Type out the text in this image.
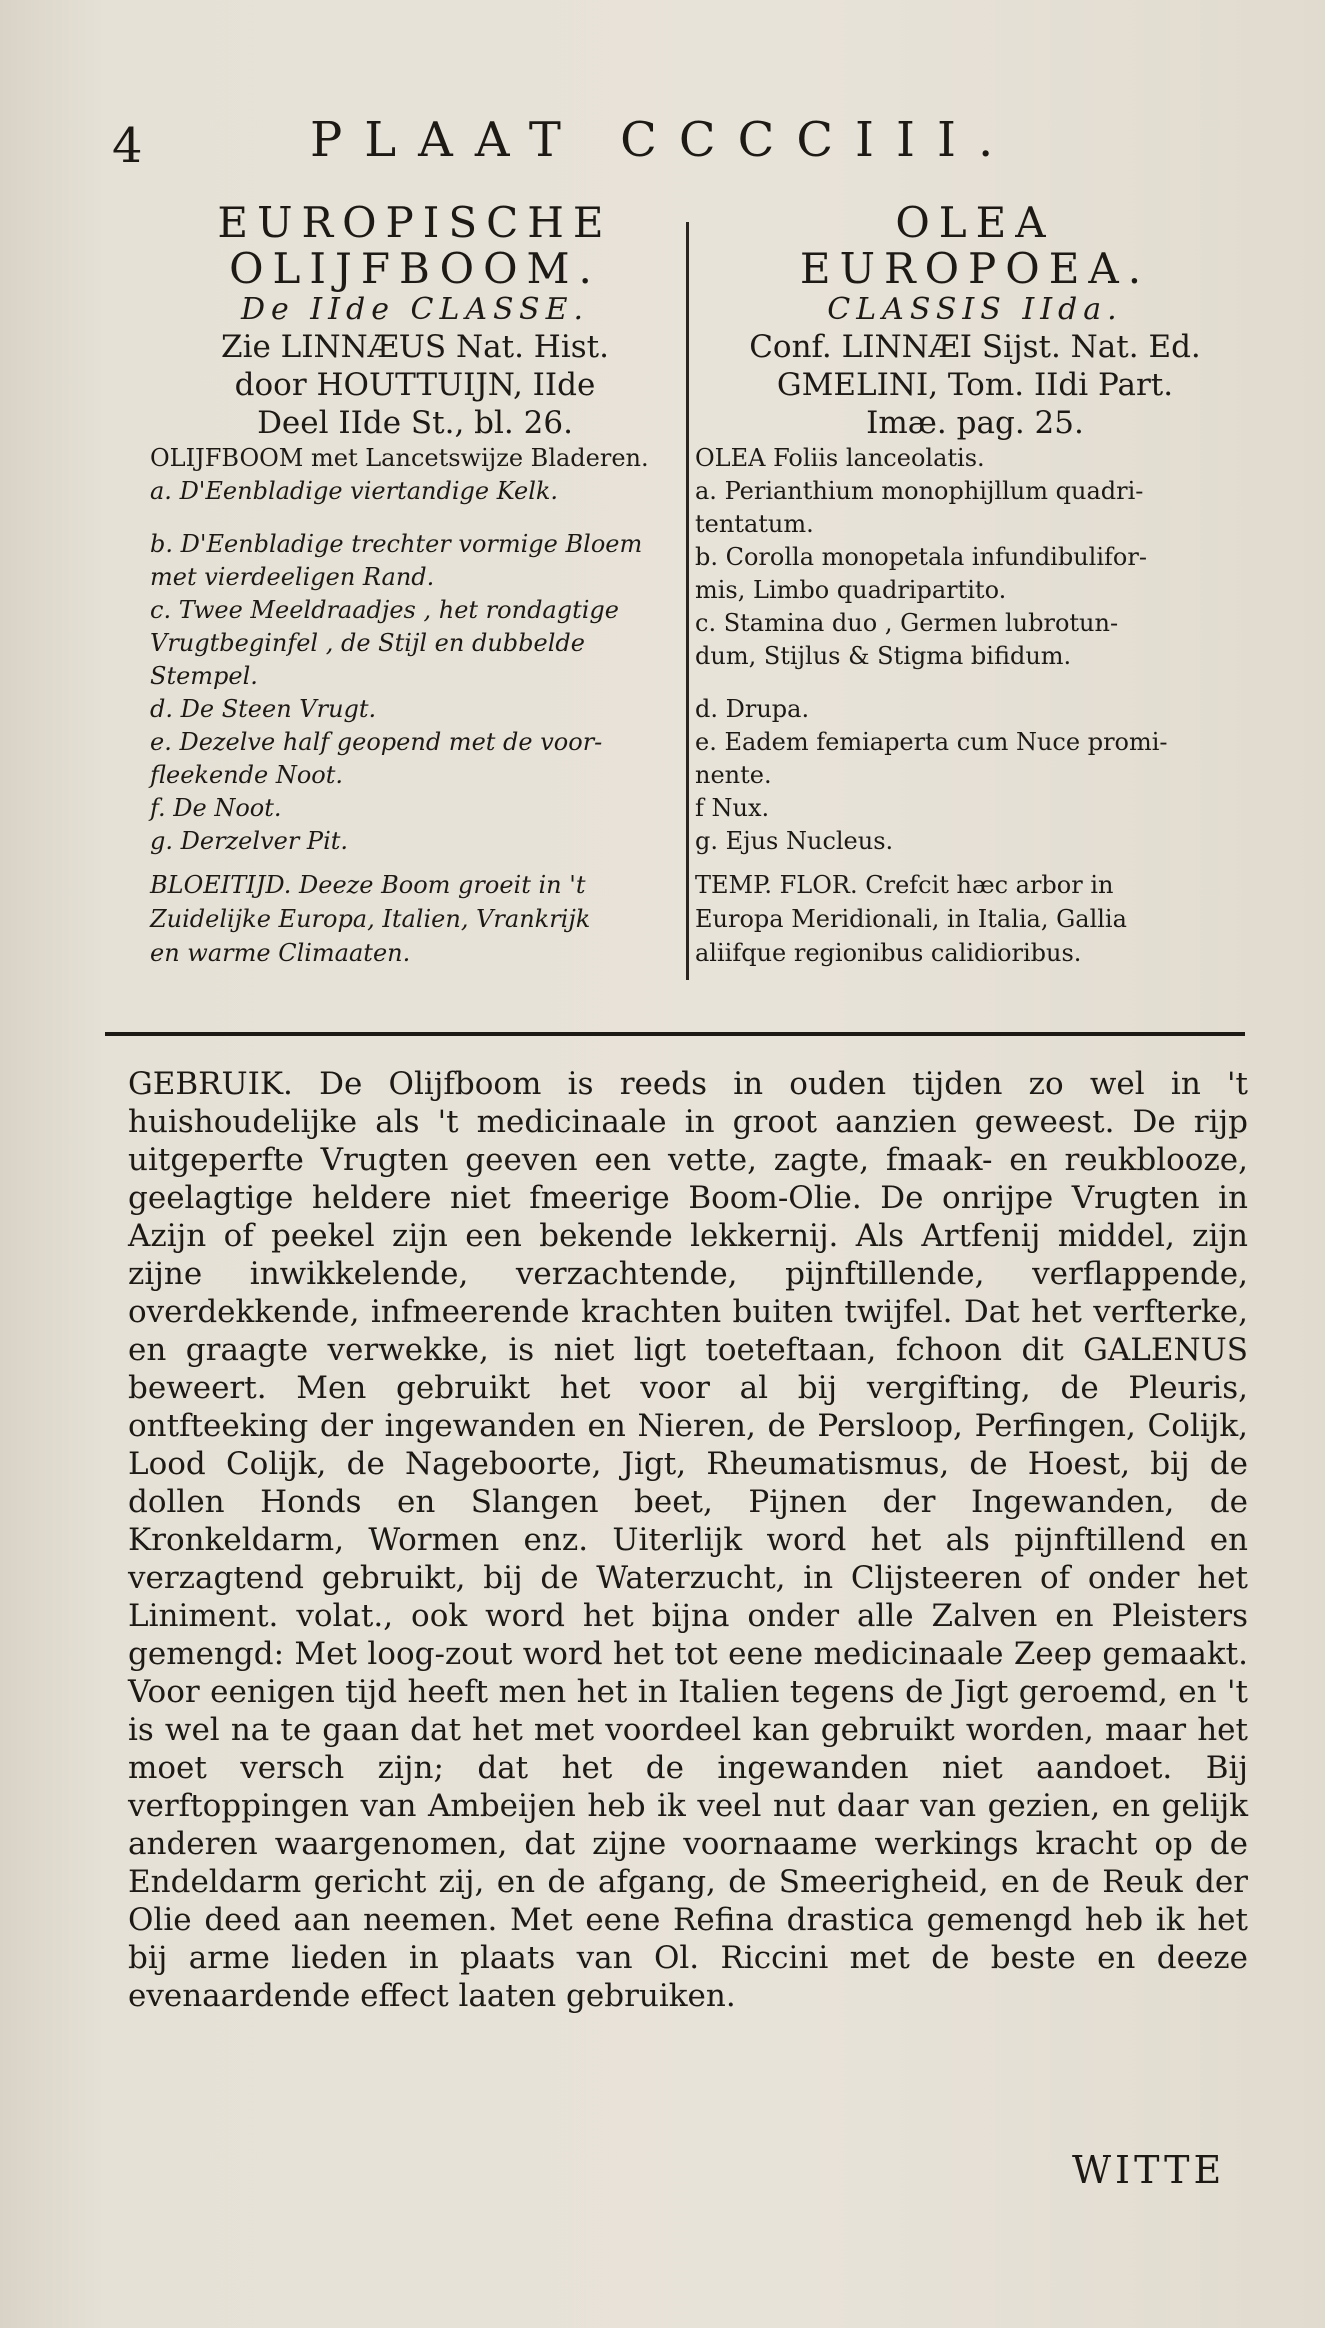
4	PLAAT CCCCIII.

EUROPISCHE

OLIJFBOOM.

De IIde CLASSE.

Zie LINNÆUS Nat. Hist.

door HOUTTUIJN, IIde

Deel IIde St., bl. 26.

OLIJFBOOM met Lancetswijze Bladeren.
a. D'Eenbladige viertandige Kelk.
b. D'Eenbladige trechter vormige Bloem
met vierdeeligen Rand.
c. Twee Meeldraadjes , het rondagtige
Vrugtbeginfel , de Stijl en dubbelde
Stempel.
d. De Steen Vrugt.
e. Dezelve half geopend met de voor-
fleekende Noot.
f. De Noot.
g. Derzelver Pit.
BLOEITIJD. Deeze Boom groeit in 't
Zuidelijke Europa, Italien, Vrankrijk
en warme Climaaten.

OLEA

EUROPOEA.

CLASSIS IIda.

Conf. LINNÆI Sijst. Nat. Ed.

GMELINI, Tom. IIdi Part.

Imæ. pag. 25.

OLEA Foliis lanceolatis.
a. Perianthium monophijllum quadri-
tentatum.
b. Corolla monopetala infundibulifor-
mis, Limbo quadripartito.
c. Stamina duo , Germen lubrotun-
dum, Stijlus & Stigma bifidum.
d. Drupa.
e. Eadem femiaperta cum Nuce promi-
nente.
f Nux.
g. Ejus Nucleus.
TEMP. FLOR. Crefcit hæc arbor in
Europa Meridionali, in Italia, Gallia
aliifque regionibus calidioribus.

GEBRUIK. De Olijfboom is reeds in ouden tijden zo wel in 't huishoudelijke als 't medicinaale in groot aanzien geweest. De rijp uitgeperfte Vrugten geeven een vette, zagte, fmaak- en reukblooze, geelagtige heldere niet fmeerige Boom-Olie. De onrijpe Vrugten in Azijn of peekel zijn een bekende lekkernij. Als Artfenij middel, zijn zijne inwikkelende, verzachtende, pijnftillende, verflappende, overdekkende, infmeerende krachten buiten twijfel. Dat het verfterke, en graagte verwekke, is niet ligt toeteftaan, fchoon dit GALENUS beweert. Men gebruikt het voor al bij vergifting, de Pleuris, ontfteeking der ingewanden en Nieren, de Persloop, Perfingen, Colijk, Lood Colijk, de Nageboorte, Jigt, Rheumatismus, de Hoest, bij de dollen Honds en Slangen beet, Pijnen der Ingewanden, de Kronkeldarm, Wormen enz. Uiterlijk word het als pijnftillend en verzagtend gebruikt, bij de Waterzucht, in Clijsteeren of onder het Liniment. volat., ook word het bijna onder alle Zalven en Pleisters gemengd: Met loog-zout word het tot eene medicinaale Zeep gemaakt. Voor eenigen tijd heeft men het in Italien tegens de Jigt geroemd, en 't is wel na te gaan dat het met voordeel kan gebruikt worden, maar het moet versch zijn; dat het de ingewanden niet aandoet. Bij verftoppingen van Ambeijen heb ik veel nut daar van gezien, en gelijk anderen waargenomen, dat zijne voornaame werkings kracht op de Endeldarm gericht zij, en de afgang, de Smeerigheid, en de Reuk der Olie deed aan neemen. Met eene Refina drastica gemengd heb ik het bij arme lieden in plaats van Ol. Riccini met de beste en deeze evenaardende effect laaten gebruiken.

WITTE
